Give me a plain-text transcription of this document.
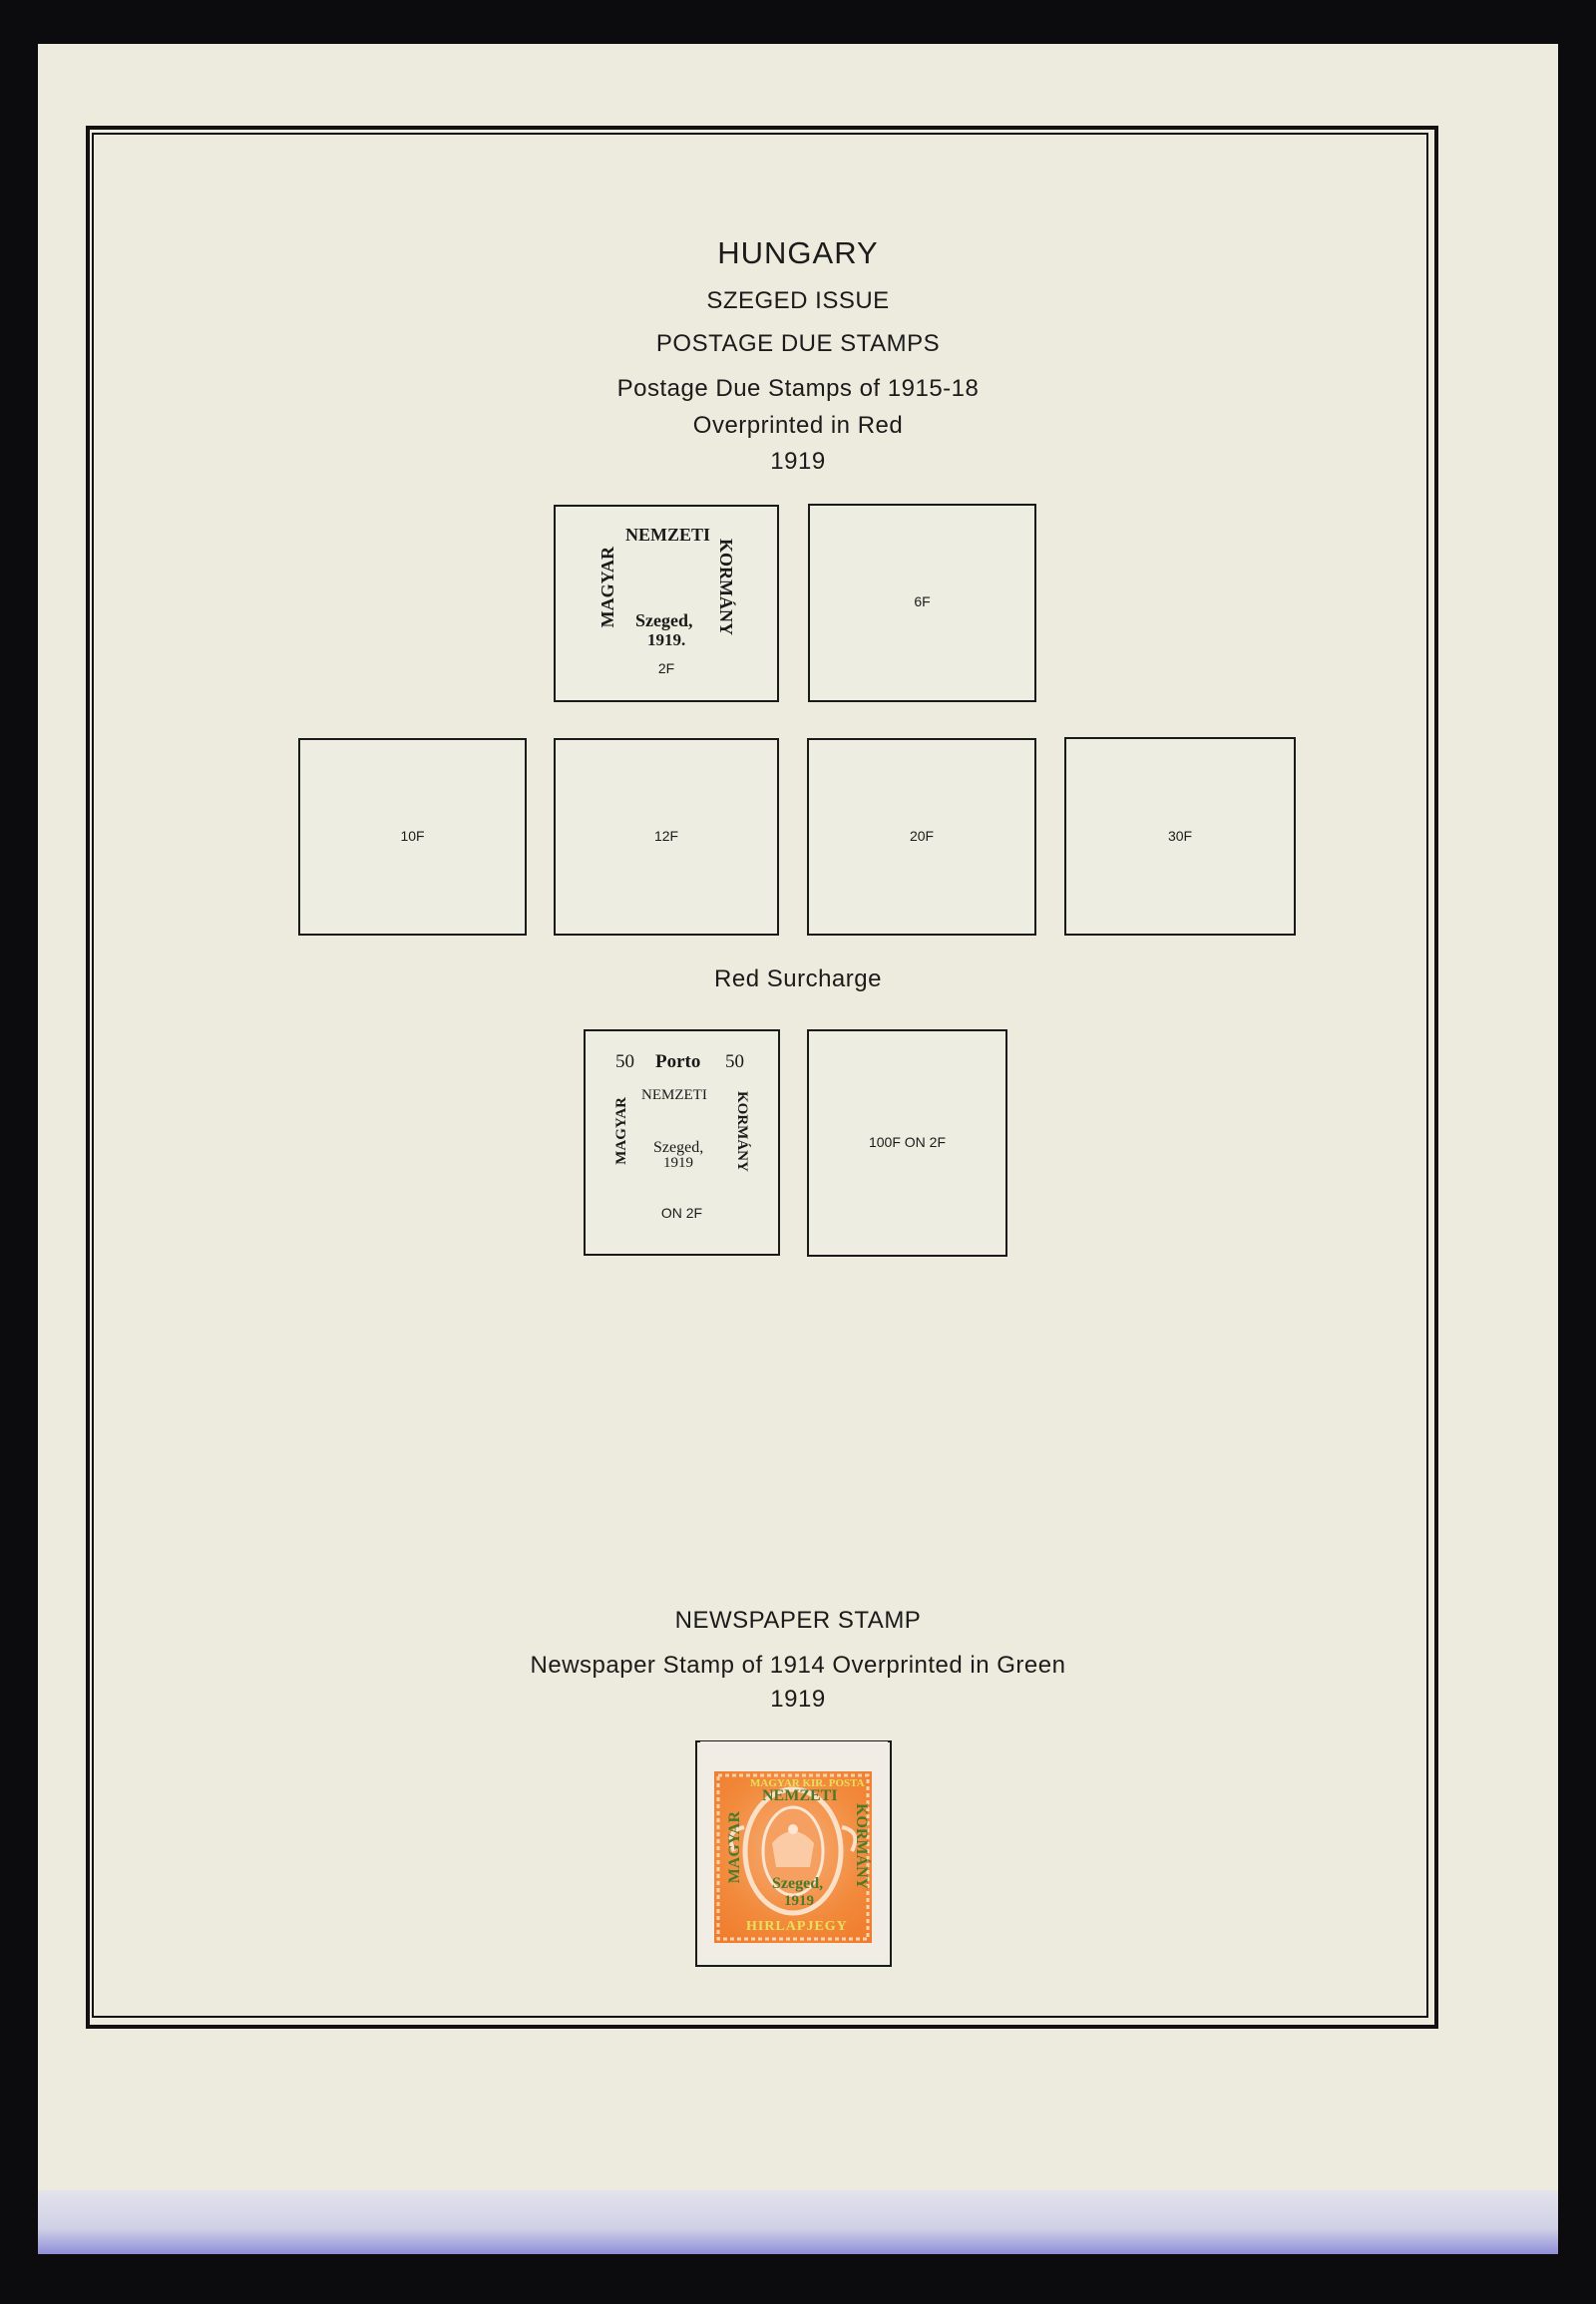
HUNGARY
SZEGED ISSUE
POSTAGE DUE STAMPS
Postage Due Stamps of 1915-18
Overprinted in Red
1919
NEMZETI
MAGYAR	KORMÁNY
Szeged,
1919.
2F
6F
10F	12F	20F	30F
Red Surcharge
50 Porto 50
NEMZETI
MAGYAR	KORMÁNY
Szeged,
1919
ON 2F
100F ON 2F
NEWSPAPER STAMP
Newspaper Stamp of 1914 Overprinted in Green
1919
MAGYAR KIR. POSTA
HIRLAPJEGY
NEMZETI
MAGYAR	KORMÁNY
Szeged,
1919
